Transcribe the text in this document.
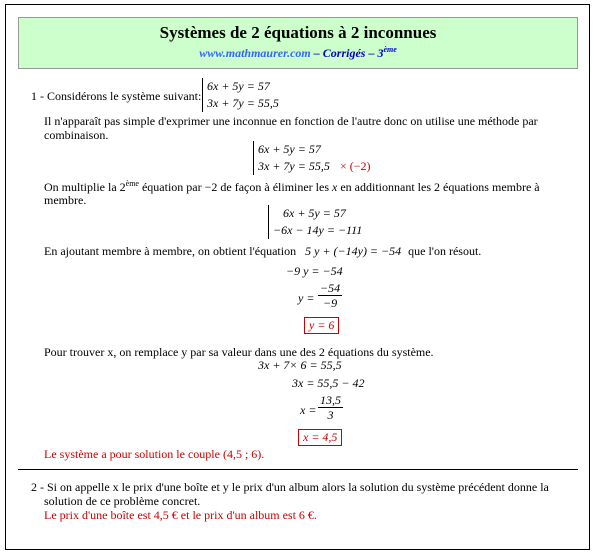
Systèmes de 2 équations à 2 inconnues
www.mathmaurer.com – Corrigés – 3ème
1 - Considérons le système suivant:
6x + 5y = 57
3x + 7y = 55,5
Il n'apparaît pas simple d'exprimer une inconnue en fonction de l'autre donc on utilise une méthode par
combinaison.
6x + 5y = 57
3x + 7y = 55,5 × (−2)
On multiplie la 2ème équation par −2 de façon à éliminer les x en additionnant les 2 équations membre à
membre.
6x + 5y = 57
−6x − 14y = −111
En ajoutant membre à membre, on obtient l'équation 5 y + (−14y) = −54 que l'on résout.
−9 y = −54
$y = \frac{-54}{-9}$
y = 6
Pour trouver x, on remplace y par sa valeur dans une des 2 équations du système.
3x + 7× 6 = 55,5
3x = 55,5 − 42
$x = \frac{13,5}{3}$
x = 4,5
Le système a pour solution le couple (4,5 ; 6).
2 - Si on appelle x le prix d'une boîte et y le prix d'un album alors la solution du système précédent donne la
solution de ce problème concret.
Le prix d'une boîte est 4,5 € et le prix d'un album est 6 €.
